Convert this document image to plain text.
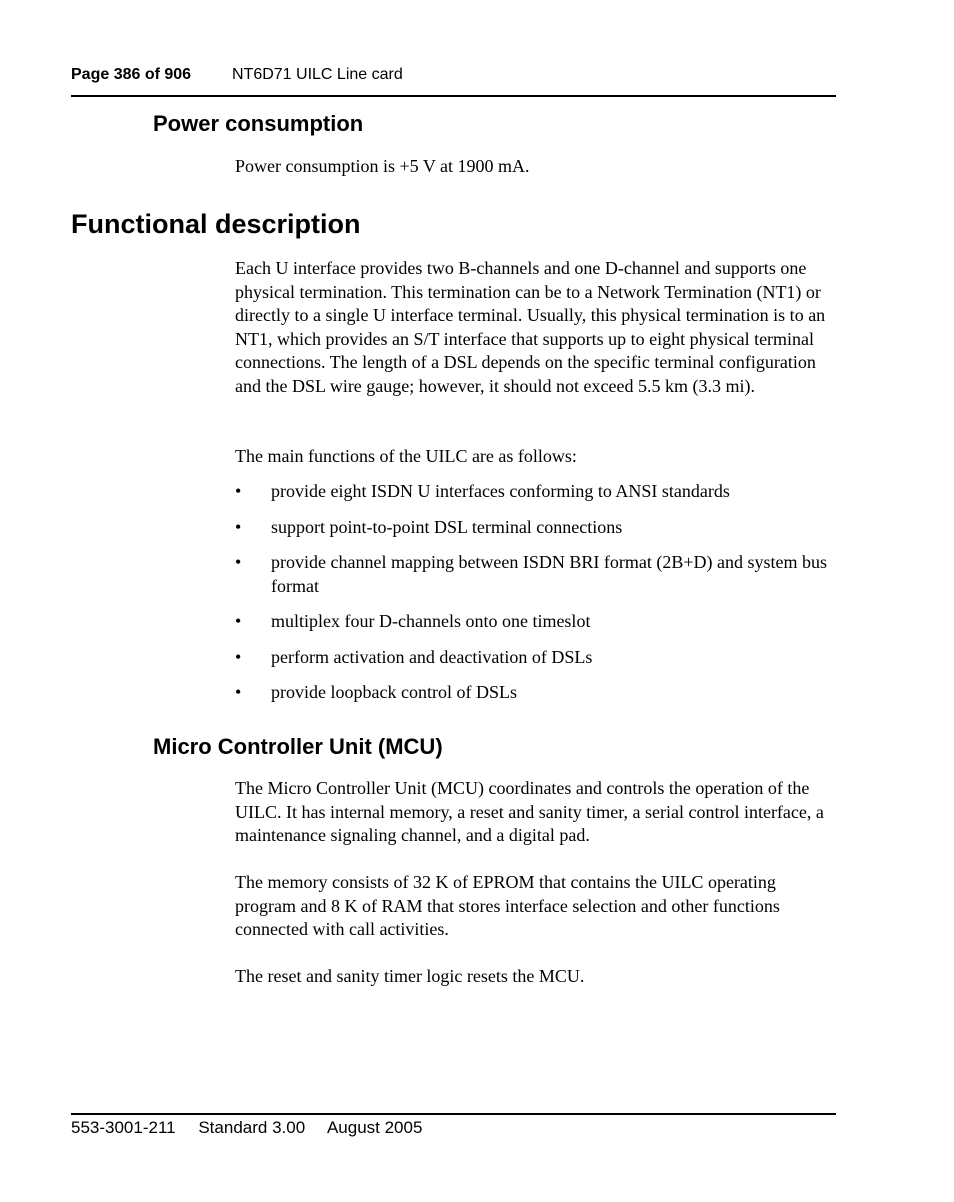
Page 386 of 906	NT6D71 UILC Line card
Power consumption
Power consumption is +5 V at 1900 mA.
Functional description
Each U interface provides two B-channels and one D-channel and supports one physical termination. This termination can be to a Network Termination (NT1) or directly to a single U interface terminal. Usually, this physical termination is to an NT1, which provides an S/T interface that supports up to eight physical terminal connections. The length of a DSL depends on the specific terminal configuration and the DSL wire gauge; however, it should not exceed 5.5 km (3.3 mi).
The main functions of the UILC are as follows:
• provide eight ISDN U interfaces conforming to ANSI standards
• support point-to-point DSL terminal connections
• provide channel mapping between ISDN BRI format (2B+D) and system bus format
• multiplex four D-channels onto one timeslot
• perform activation and deactivation of DSLs
• provide loopback control of DSLs
Micro Controller Unit (MCU)
The Micro Controller Unit (MCU) coordinates and controls the operation of the UILC. It has internal memory, a reset and sanity timer, a serial control interface, a maintenance signaling channel, and a digital pad.
The memory consists of 32 K of EPROM that contains the UILC operating program and 8 K of RAM that stores interface selection and other functions connected with call activities.
The reset and sanity timer logic resets the MCU.
553-3001-211 Standard 3.00 August 2005
